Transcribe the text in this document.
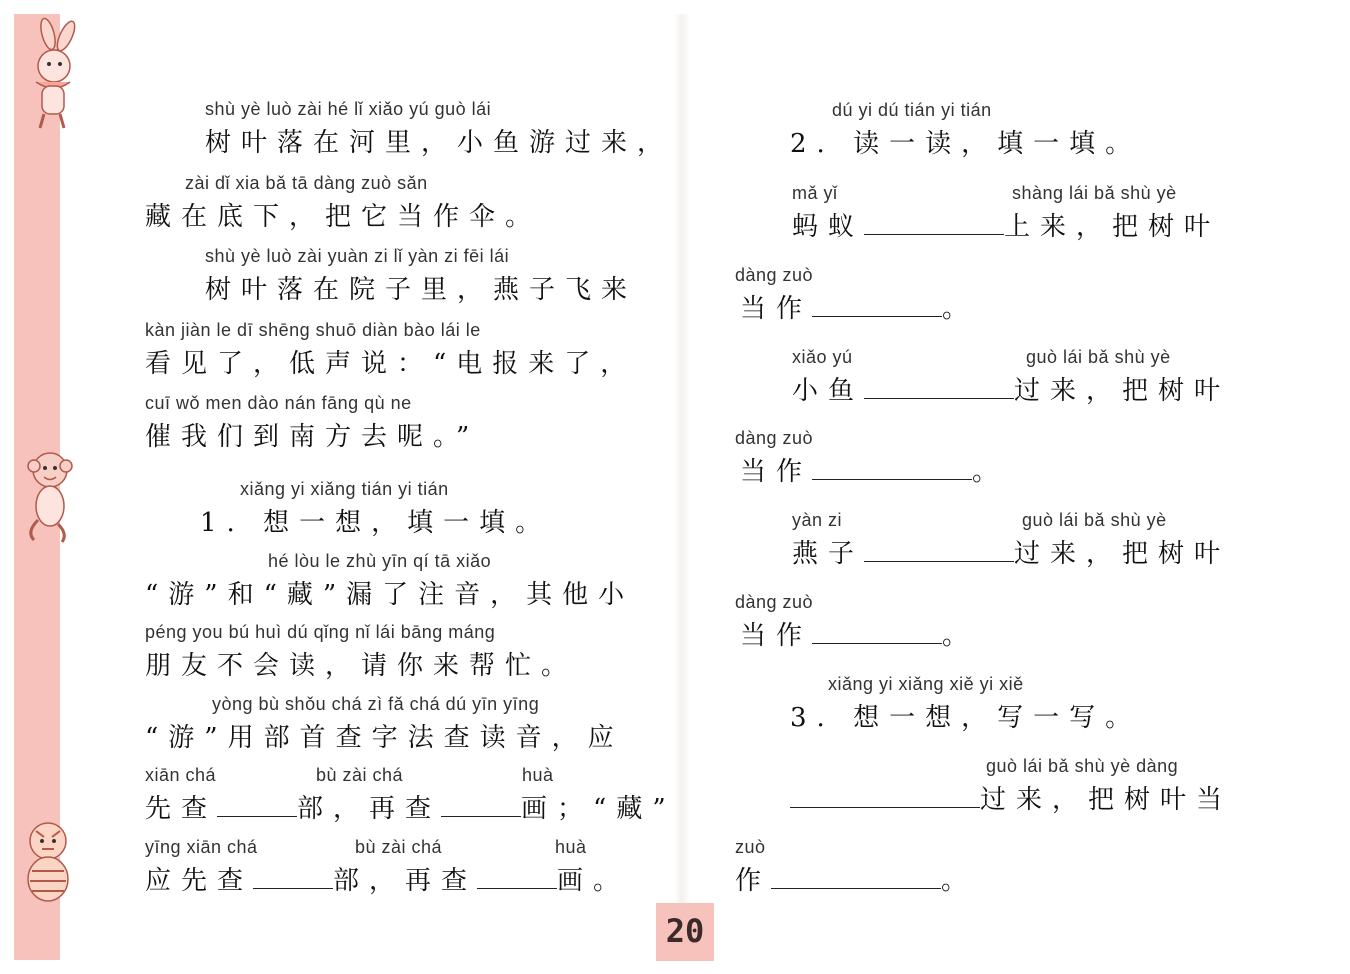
shù yè luò zài hé lǐ xiǎo yú guò lái
树叶落在河里，小鱼游过来，
zài dǐ xia bǎ tā dàng zuò sǎn
藏在底下，把它当作伞。
shù yè luò zài yuàn zi lǐ yàn zi fēi lái
树叶落在院子里，燕子飞来
kàn jiàn le dī shēng shuō diàn bào lái le
看见了，低声说：“电报来了，
cuī wǒ men dào nán fāng qù ne
催我们到南方去呢。”
xiǎng yi xiǎng tián yi tián
1. 想一想，填一填。
hé lòu le zhù yīn qí tā xiǎo
“游”和“藏”漏了注音，其他小
péng you bú huì dú qǐng nǐ lái bāng máng
朋友不会读，请你来帮忙。
yòng bù shǒu chá zì fǎ chá dú yīn yīng
“游”用部首查字法查读音，应
xiān chá	bù zài chá	huà
先查	部，再查	画；“藏”
yīng xiān chá	bù zài chá	huà
应先查	部，再查	画。
dú yi dú tián yi tián
2. 读一读，填一填。
mǎ yǐ	shàng lái bǎ shù yè
蚂蚁	上来，把树叶
dàng zuò
当作	。
xiǎo yú	guò lái bǎ shù yè
小鱼	过来，把树叶
dàng zuò
当作	。
yàn zi	guò lái bǎ shù yè
燕子	过来，把树叶
dàng zuò
当作	。
xiǎng yi xiǎng xiě yi xiě
3. 想一想，写一写。
guò lái bǎ shù yè dàng
过来，把树叶当
zuò
作	。
20
